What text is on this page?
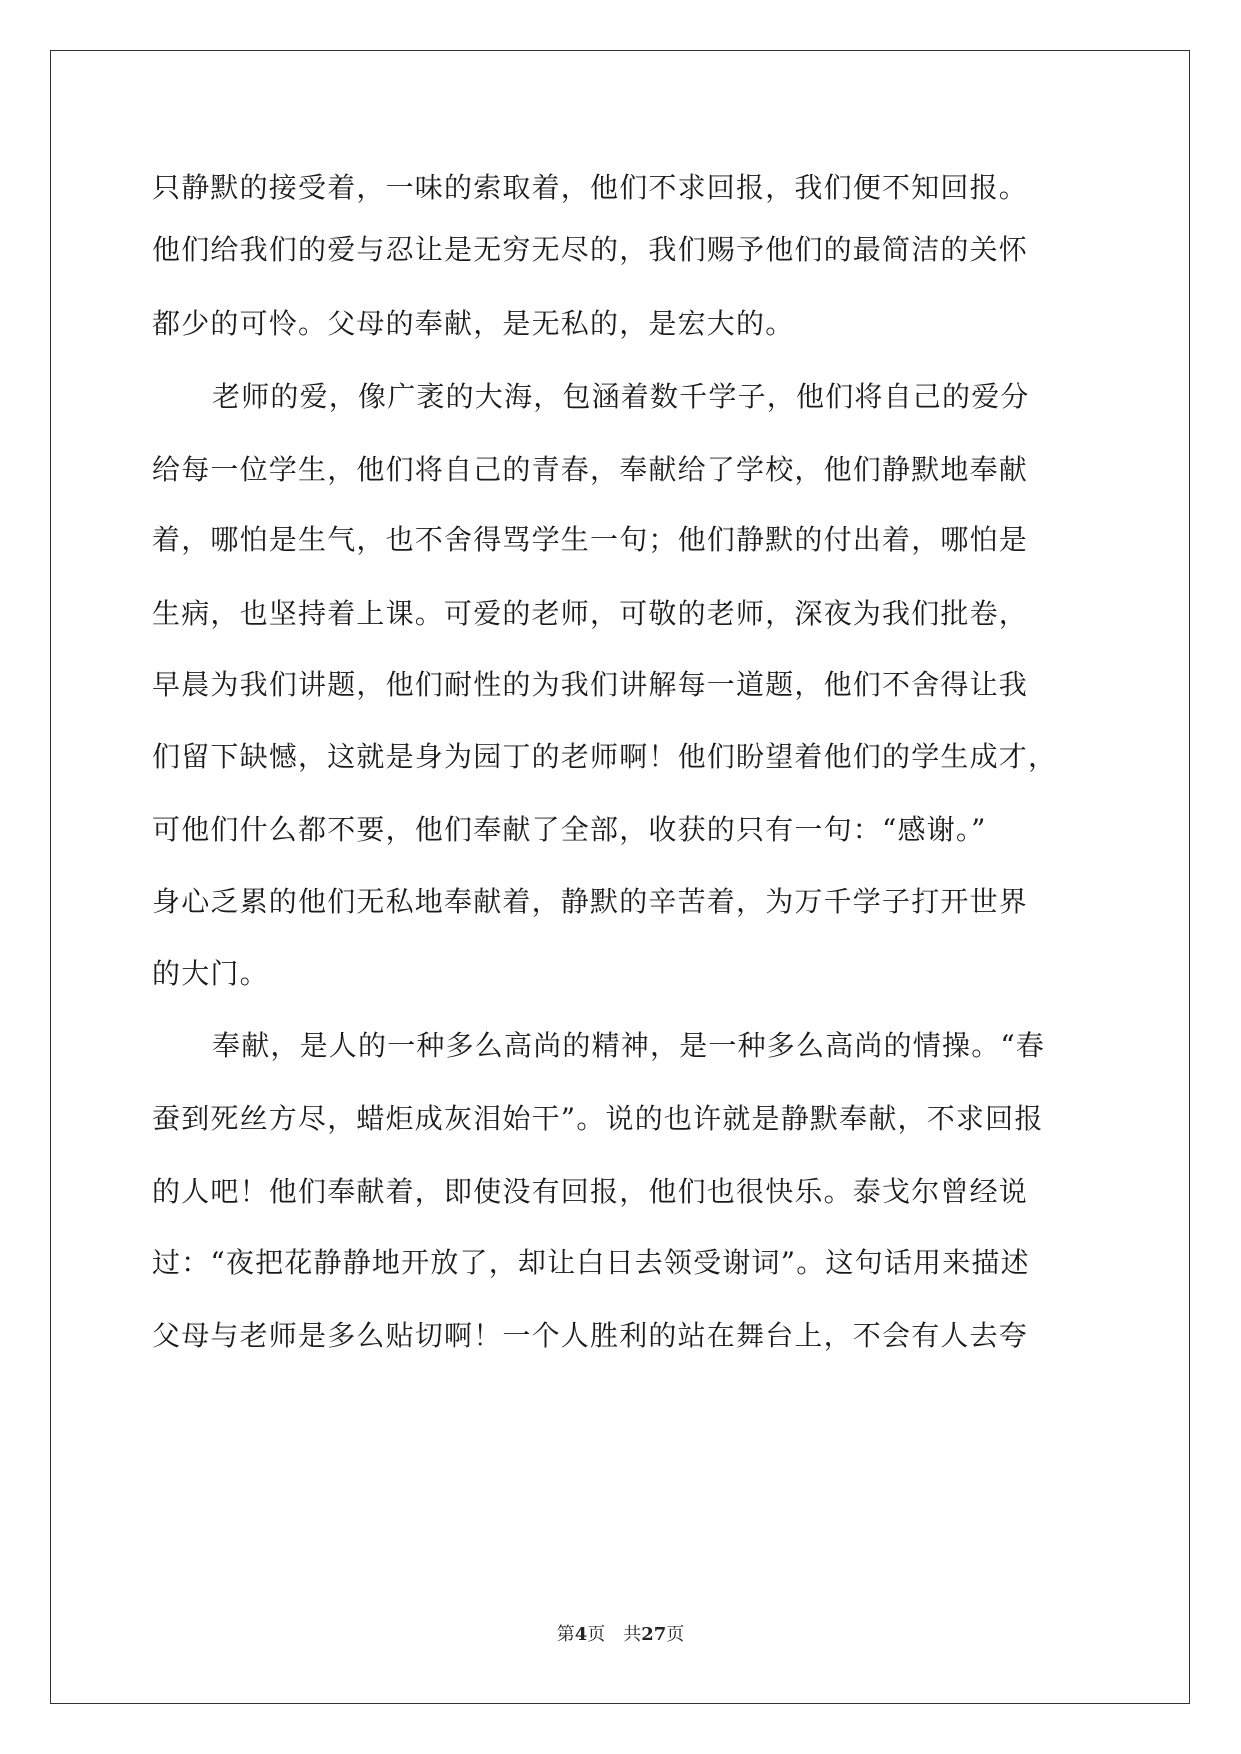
只静默的接受着，一味的索取着，他们不求回报，我们便不知回报。
他们给我们的爱与忍让是无穷无尽的，我们赐予他们的最简洁的关怀
都少的可怜。父母的奉献，是无私的，是宏大的。
老师的爱，像广袤的大海，包涵着数千学子，他们将自己的爱分
给每一位学生，他们将自己的青春，奉献给了学校，他们静默地奉献
着，哪怕是生气，也不舍得骂学生一句；他们静默的付出着，哪怕是
生病，也坚持着上课。可爱的老师，可敬的老师，深夜为我们批卷，
早晨为我们讲题，他们耐性的为我们讲解每一道题，他们不舍得让我
们留下缺憾，这就是身为园丁的老师啊！他们盼望着他们的学生成才，
可他们什么都不要，他们奉献了全部，收获的只有一句：“感谢。”
身心乏累的他们无私地奉献着，静默的辛苦着，为万千学子打开世界
的大门。
奉献，是人的一种多么高尚的精神，是一种多么高尚的情操。“春
蚕到死丝方尽，蜡炬成灰泪始干”。说的也许就是静默奉献，不求回报
的人吧！他们奉献着，即使没有回报，他们也很快乐。泰戈尔曾经说
过：“夜把花静静地开放了，却让白日去领受谢词”。这句话用来描述
父母与老师是多么贴切啊！一个人胜利的站在舞台上，不会有人去夸
第4页 共27页
